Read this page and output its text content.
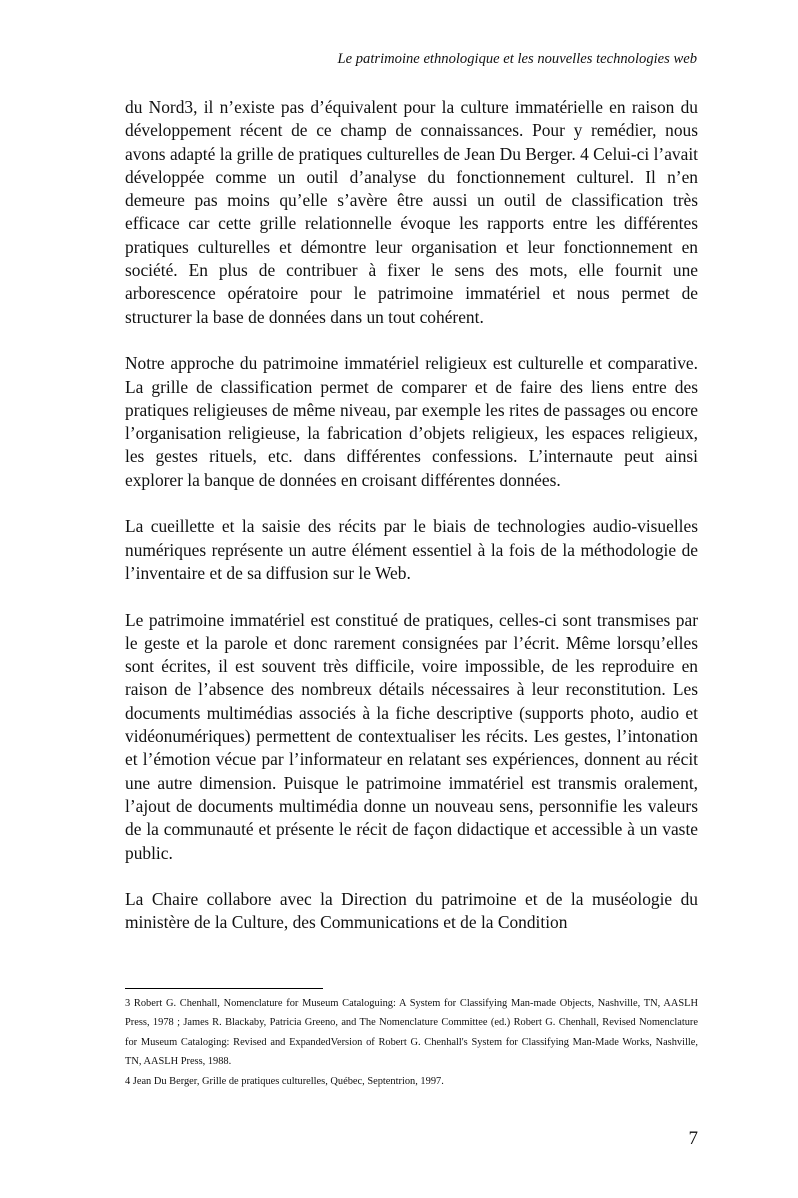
Le patrimoine ethnologique et les nouvelles technologies web

du Nord3, il n’existe pas d’équivalent pour la culture immatérielle en raison du développement récent de ce champ de connaissances. Pour y remédier, nous avons adapté la grille de pratiques culturelles de Jean Du Berger. 4 Celui-ci l’avait développée comme un outil d’analyse du fonctionnement culturel. Il n’en demeure pas moins qu’elle s’avère être aussi un outil de classification très efficace car cette grille relationnelle évoque les rapports entre les différentes pratiques culturelles et démontre leur organisation et leur fonctionnement en société. En plus de contribuer à fixer le sens des mots, elle fournit une arborescence opératoire pour le patrimoine immatériel et nous permet de structurer la base de données dans un tout cohérent.

Notre approche du patrimoine immatériel religieux est culturelle et comparative. La grille de classification permet de comparer et de faire des liens entre des pratiques religieuses de même niveau, par exemple les rites de passages ou encore l’organisation religieuse, la fabrication d’objets religieux, les espaces religieux, les gestes rituels, etc. dans différentes confessions. L’internaute peut ainsi explorer la banque de données en croisant différentes données.

La cueillette et la saisie des récits par le biais de technologies audio-visuelles numériques représente un autre élément essentiel à la fois de la méthodologie de l’inventaire et de sa diffusion sur le Web.

Le patrimoine immatériel est constitué de pratiques, celles-ci sont transmises par le geste et la parole et donc rarement consignées par l’écrit. Même lorsqu’elles sont écrites, il est souvent très difficile, voire impossible, de les reproduire en raison de l’absence des nombreux détails nécessaires à leur reconstitution. Les documents multimédias associés à la fiche descriptive (supports photo, audio et vidéonumériques) permettent de contextualiser les récits. Les gestes, l’intonation et l’émotion vécue par l’informateur en relatant ses expériences, donnent au récit une autre dimension. Puisque le patrimoine immatériel est transmis oralement, l’ajout de documents multimédia donne un nouveau sens, personnifie les valeurs de la communauté et présente le récit de façon didactique et accessible à un vaste public.

La Chaire collabore avec la Direction du patrimoine et de la muséologie du ministère de la Culture, des Communications et de la Condition

3 Robert G. Chenhall, Nomenclature for Museum Cataloguing: A System for Classifying Man-made Objects, Nashville, TN, AASLH Press, 1978 ; James R. Blackaby, Patricia Greeno, and The Nomenclature Committee (ed.) Robert G. Chenhall, Revised Nomenclature for Museum Cataloging: Revised and ExpandedVersion of Robert G. Chenhall's System for Classifying Man-Made Works, Nashville, TN, AASLH Press, 1988.

4 Jean Du Berger, Grille de pratiques culturelles, Québec, Septentrion, 1997.

7
